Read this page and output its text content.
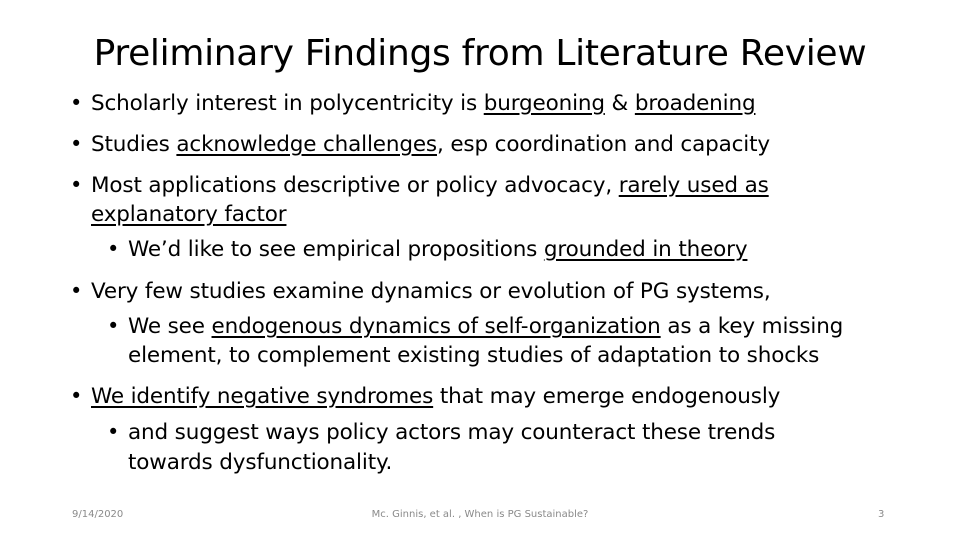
Preliminary Findings from Literature Review
• Scholarly interest in polycentricity is burgeoning & broadening
• Studies acknowledge challenges, esp coordination and capacity
• Most applications descriptive or policy advocacy, rarely used as
explanatory factor
• We’d like to see empirical propositions grounded in theory
• Very few studies examine dynamics or evolution of PG systems,
• We see endogenous dynamics of self-organization as a key missing
element, to complement existing studies of adaptation to shocks
• We identify negative syndromes that may emerge endogenously
• and suggest ways policy actors may counteract these trends
towards dysfunctionality.
9/14/2020	Mc. Ginnis, et al. , When is PG Sustainable?	3
